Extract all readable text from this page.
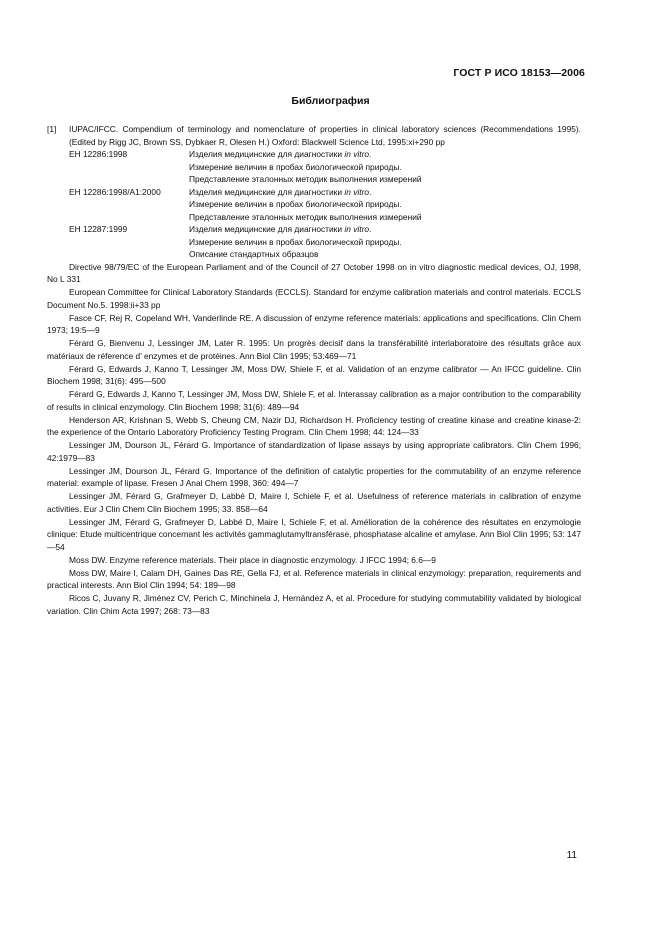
ГОСТ Р ИСО 18153—2006
Библиография
[1]	IUPAC/IFCC. Compendium of terminology and nomenclature of properties in clinical laboratory sciences (Recommendations 1995). (Edited by Rigg JC, Brown SS, Dybkaer R, Olesen H.) Oxford: Blackwell Science Ltd, 1995:xi+290 pp
ЕН 12286:1998	Изделия медицинские для диагностики in vitro.
Измерение величин в пробах биологической природы.
Представление эталонных методик выполнения измерений

ЕН 12286:1998/А1:2000	Изделия медицинские для диагностики in vitro.
Измерение величин в пробах биологической природы.
Представление эталонных методик выполнения измерений

ЕН 12287:1999	Изделия медицинские для диагностики in vitro.
Измерение величин в пробах биологической природы.
Описание стандартных образцов
Directive 98/79/EC of the European Parliament and of the Council of 27 October 1998 on in vitro diagnostic medical devices, OJ, 1998, No L 331
European Committee for Clinical Laboratory Standards (ECCLS). Standard for enzyme calibration materials and control materials. ECCLS Document No.5. 1998:ii+33 pp
Fasce CF, Rej R, Copeland WH, Vanderlinde RE. A discussion of enzyme reference materials: applications and specifications. Clin Chem 1973; 19:5—9
Férard G, Bienvenu J, Lessinger JM, Later R. 1995: Un progrès decisif dans la transférabilité interlaboratoire des résultats grâce aux matériaux de réference d’ enzymes et de protéines. Ann Biol Clin 1995; 53:469—71
Férard G, Edwards J, Kanno T, Lessinger JM, Moss DW, Shiele F, et al. Validation of an enzyme calibrator — An IFCC guideline. Clin Biochem 1998; 31(6): 495—500
Férard G, Edwards J, Kanno T, Lessinger JM, Moss DW, Shiele F, et al. Interassay calibration as a major contribution to the comparability of results in clinical enzymology. Clin Biochem 1998; 31(6): 489—94
Henderson AR, Krishnan S, Webb S, Cheung CM, Nazir DJ, Richardson H. Proficiency testing of creatine kinase and creatine kinase-2: the experience of the Ontario Laboratory Proficiency Testing Program. Clin Chem 1998; 44: 124—33
Lessinger JM, Dourson JL, Férard G. Importance of standardization of lipase assays by using appropriate calibrators. Clin Chem 1996; 42:1979—83
Lessinger JM, Dourson JL, Férard G. Importance of the definition of catalytic properties for the commutability of an enzyme reference material: example of lipase. Fresen J Anal Chem 1998, 360: 494—7
Lessinger JM, Férard G, Grafmeyer D, Labbé D, Maire I, Schiele F, et al. Usefulness of reference materials in calibration of enzyme activities. Eur J Clin Chem Clin Biochem 1995; 33. 858—64
Lessinger JM, Férard G, Grafmeyer D, Labbé D, Maire I, Schiele F, et al. Amélioration de la cohérence des résultates en enzymologie clinique: Etude multicentrique concernant les activités gammaglutamyltransférase, phosphatase alcaline et amylase. Ann Biol Clin 1995; 53: 147—54
Moss DW. Enzyme reference materials. Their place in diagnostic enzymology. J IFCC 1994; 6.6—9
Moss DW, Maire I, Calam DH, Gaines Das RE, Gella FJ, et al. Reference materials in clinical enzymology: preparation, requirements and practical interests. Ann Biol Clin 1994; 54: 189—98
Ricos C, Juvany R, Jiménez CV, Perich C, Minchinela J, Hernández A, et al. Procedure for studying commutability validated by biological variation. Clin Chim Acta 1997; 268: 73—83
11
